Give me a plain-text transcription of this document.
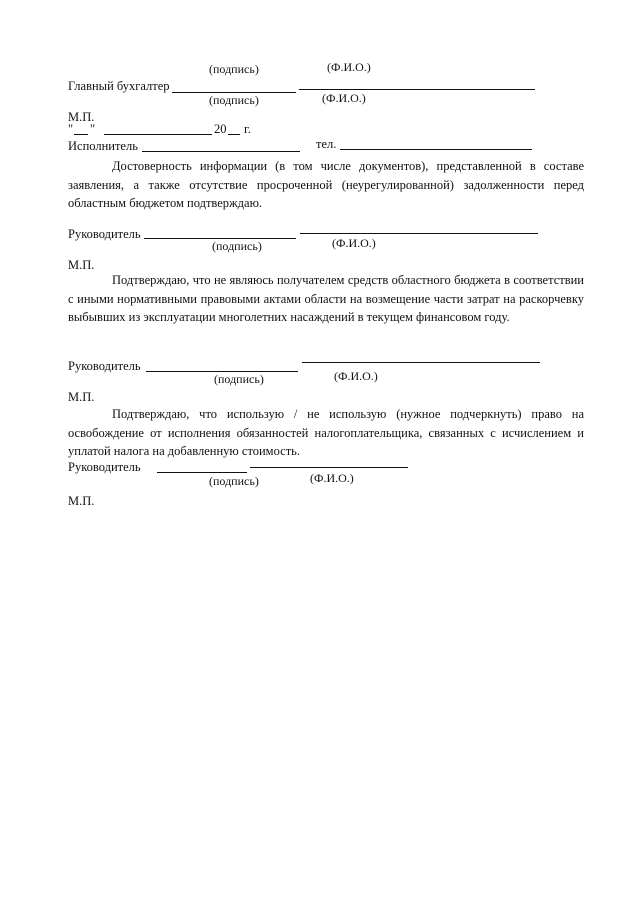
(подпись)	(Ф.И.О.)
Главный бухгалтер
(подпись)	(Ф.И.О.)
М.П.
" "	20 г.
Исполнитель	тел.

Достоверность информации (в том числе документов), представленной в составе заявления, а также отсутствие просроченной (неурегулированной) задолженности перед областным бюджетом подтверждаю.

Руководитель
(подпись)	(Ф.И.О.)
М.П.

Подтверждаю, что не являюсь получателем средств областного бюджета в соответствии с иными нормативными правовыми актами области на возмещение части затрат на раскорчевку выбывших из эксплуатации многолетних насаждений в текущем финансовом году.

Руководитель
(подпись)	(Ф.И.О.)
М.П.

Подтверждаю, что использую / не использую (нужное подчеркнуть) право на освобождение от исполнения обязанностей налогоплательщика, связанных с исчислением и уплатой налога на добавленную стоимость.

Руководитель
(подпись)	(Ф.И.О.)
М.П.
